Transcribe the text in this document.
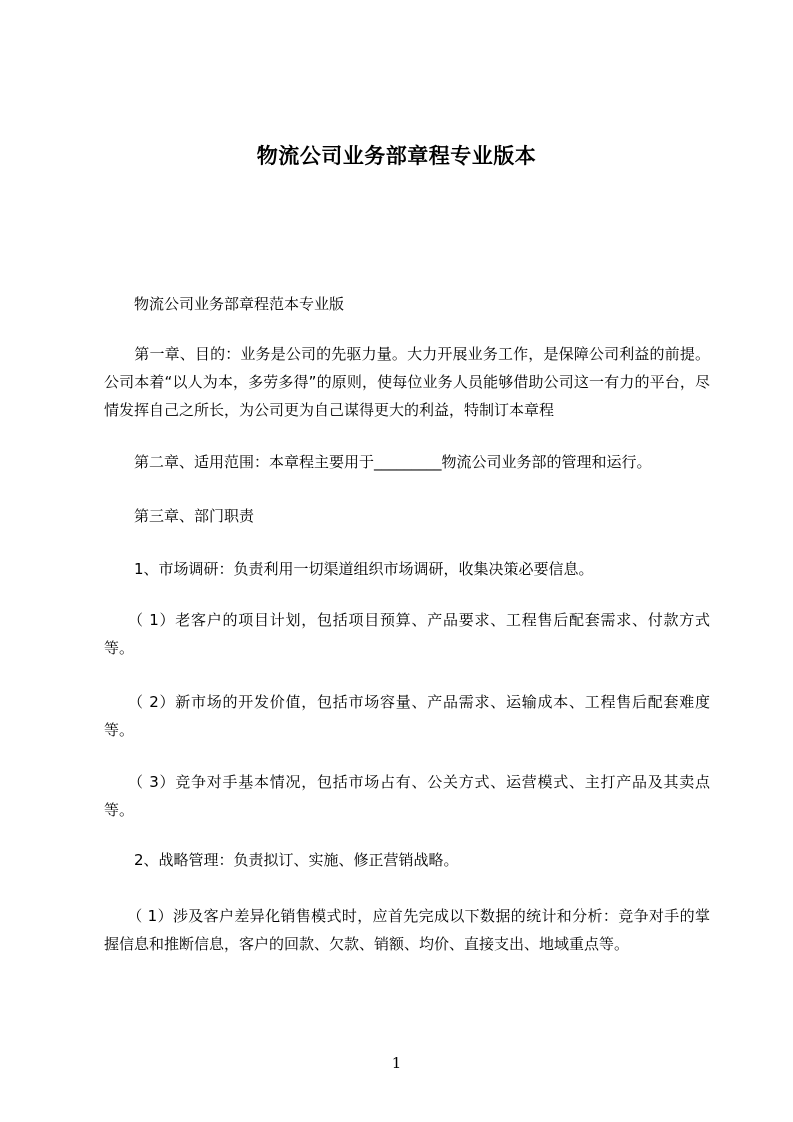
物流公司业务部章程专业版本

　　物流公司业务部章程范本专业版

　　第一章、目的：业务是公司的先驱力量。大力开展业务工作，是保障公司利益的前提。公司本着“以人为本，多劳多得”的原则，使每位业务人员能够借助公司这一有力的平台，尽情发挥自己之所长，为公司更为自己谋得更大的利益，特制订本章程

　　第二章、适用范围：本章程主要用于_________物流公司业务部的管理和运行。

　　第三章、部门职责

　　1、市场调研：负责利用一切渠道组织市场调研，收集决策必要信息。

　　（ 1）老客户的项目计划，包括项目预算、产品要求、工程售后配套需求、付款方式等。

　　（ 2）新市场的开发价值，包括市场容量、产品需求、运输成本、工程售后配套难度等。

　　（ 3）竞争对手基本情况，包括市场占有、公关方式、运营模式、主打产品及其卖点等。

　　2、战略管理：负责拟订、实施、修正营销战略。

　　（ 1）涉及客户差异化销售模式时，应首先完成以下数据的统计和分析：竞争对手的掌握信息和推断信息，客户的回款、欠款、销额、均价、直接支出、地域重点等。

1
